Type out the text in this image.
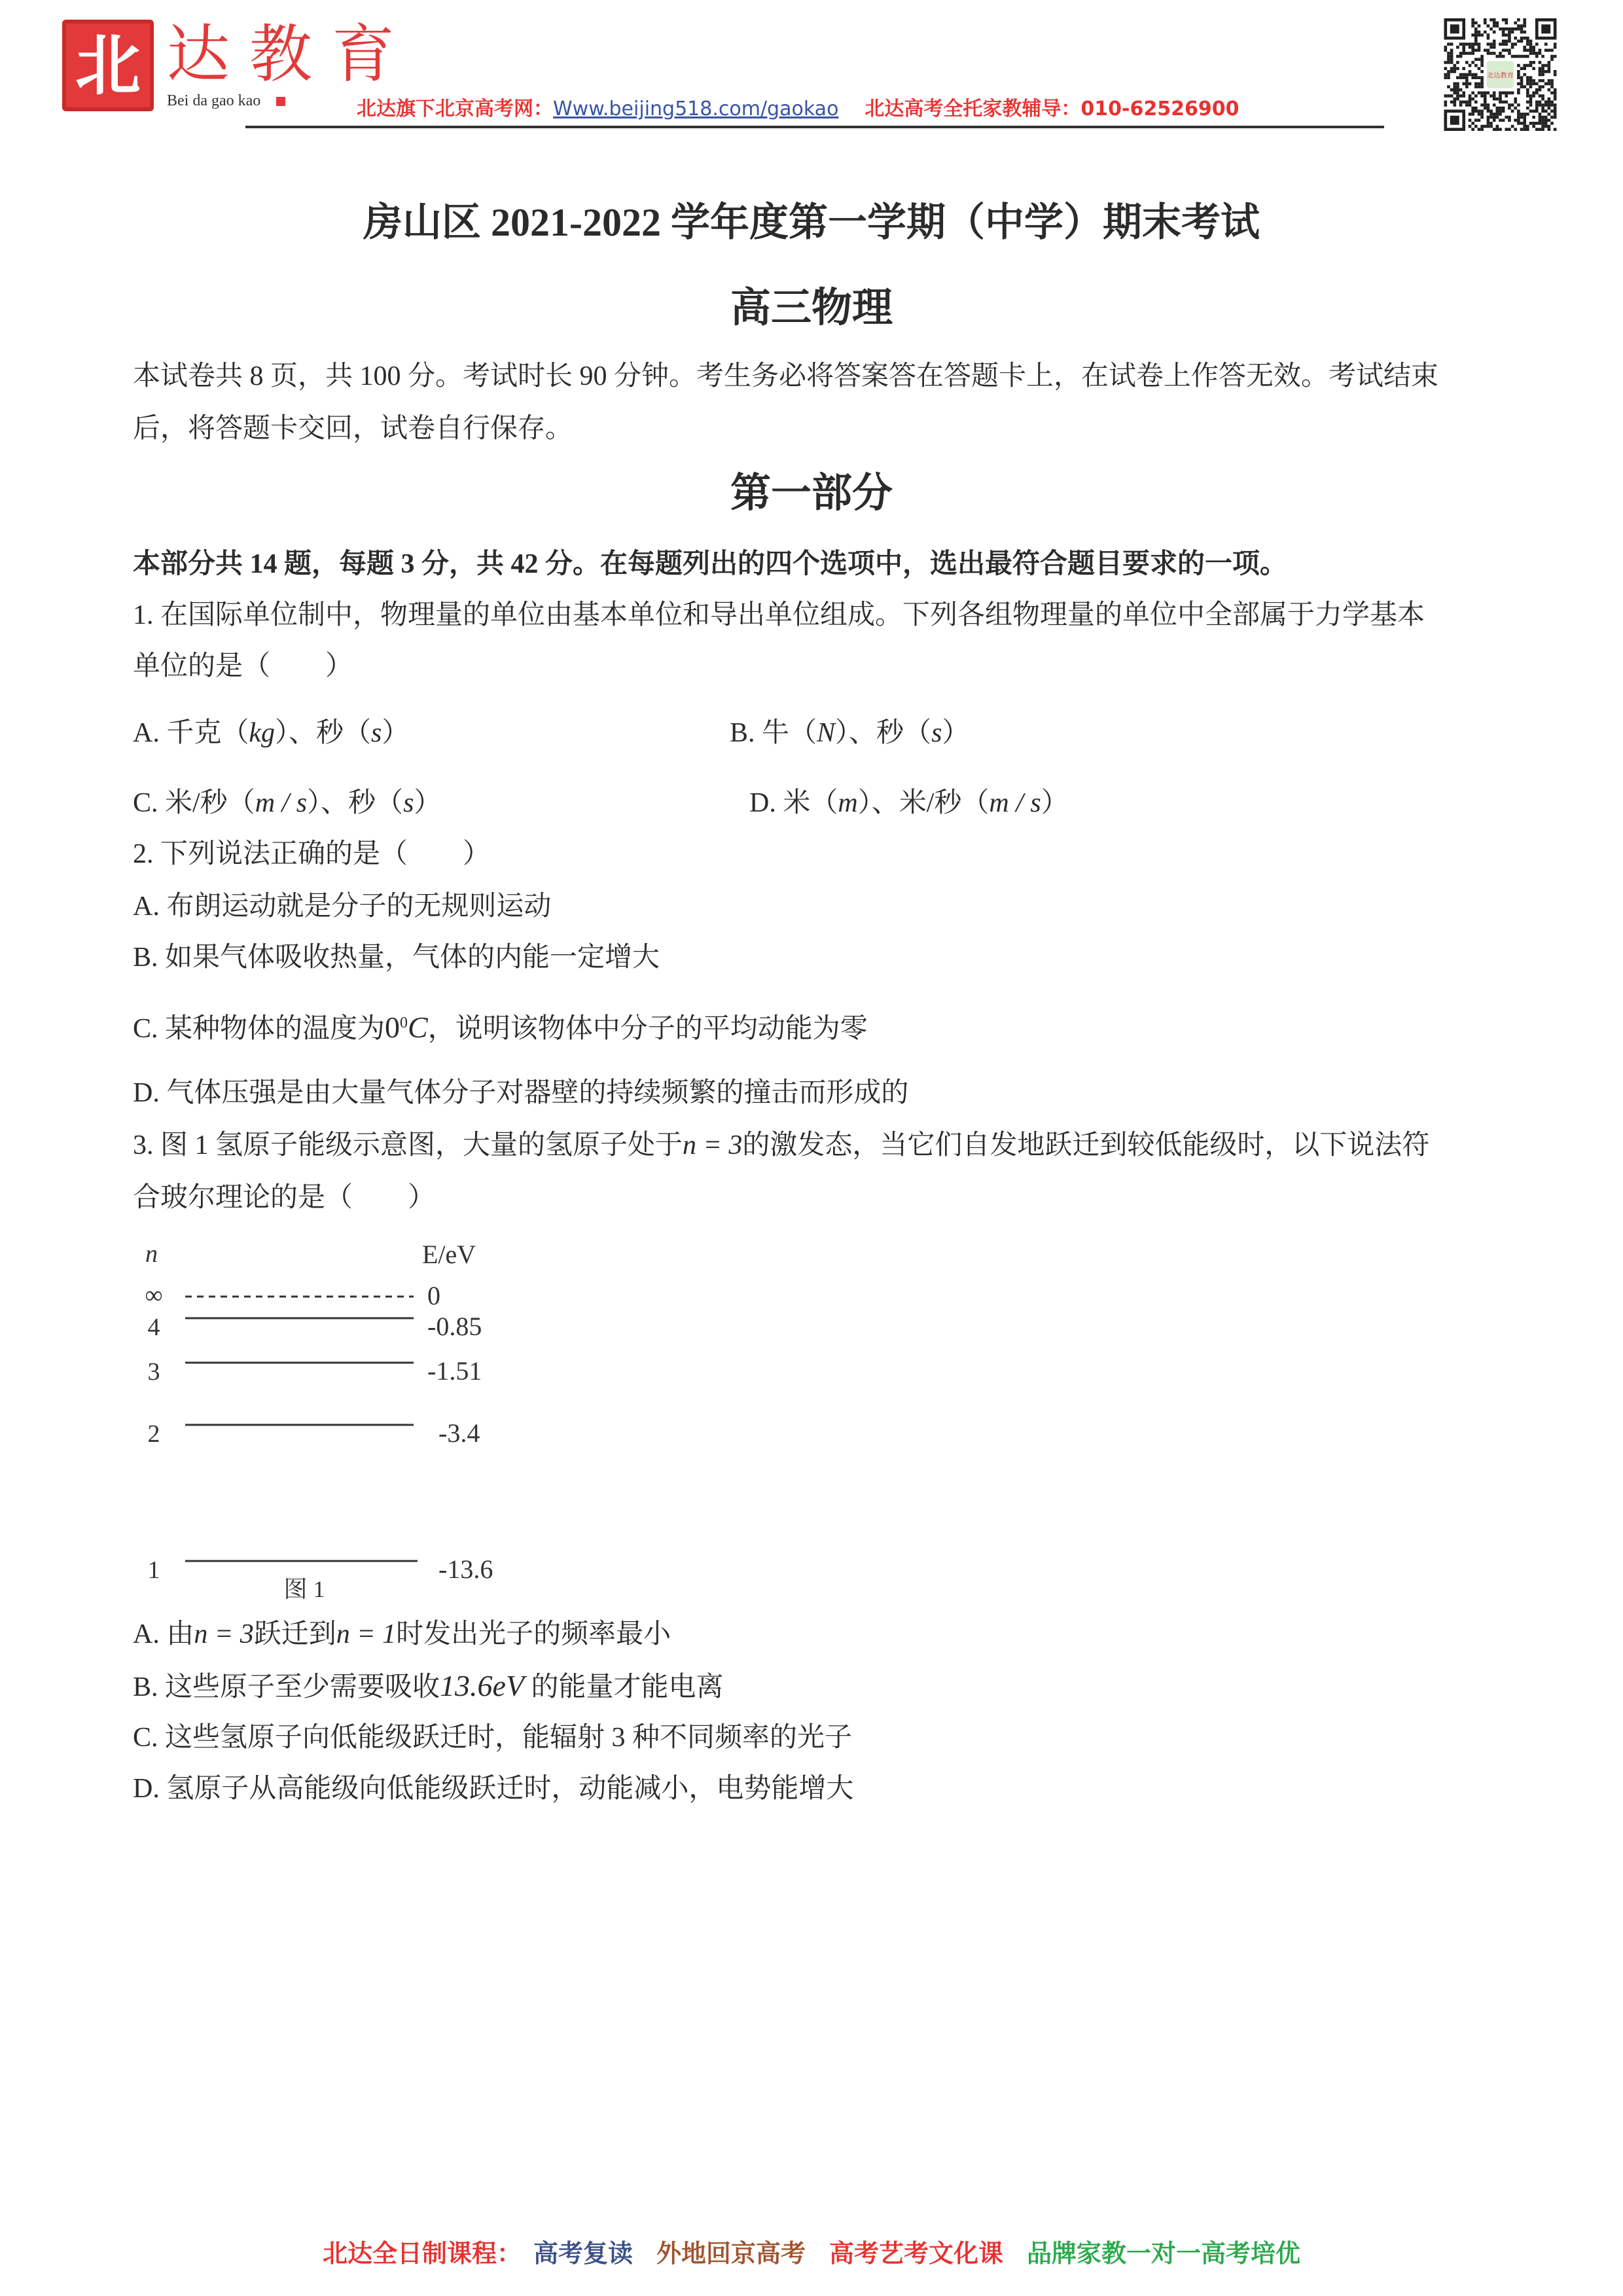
北 达教育
Bei da gao kao	北达旗下北京高考网：Www.beijing518.com/gaokao 北达高考全托家教辅导：010-62526900
北达教育
房山区 2021-2022 学年度第一学期（中学）期末考试
高三物理
本试卷共 8 页，共 100 分。考试时长 90 分钟。考生务必将答案答在答题卡上，在试卷上作答无效。考试结束
后，将答题卡交回，试卷自行保存。
第一部分
本部分共 14 题，每题 3 分，共 42 分。在每题列出的四个选项中，选出最符合题目要求的一项。
1. 在国际单位制中，物理量的单位由基本单位和导出单位组成。下列各组物理量的单位中全部属于力学基本
单位的是（　　）
A. 千克（kg）、秒（s）	B. 牛（N）、秒（s）
C. 米/秒（m / s）、秒（s）	D. 米（m）、米/秒（m / s）
2. 下列说法正确的是（　　）
A. 布朗运动就是分子的无规则运动
B. 如果气体吸收热量，气体的内能一定增大
C. 某种物体的温度为$0^0C$，说明该物体中分子的平均动能为零
D. 气体压强是由大量气体分子对器壁的持续频繁的撞击而形成的
3. 图 1 氢原子能级示意图，大量的氢原子处于n = 3的激发态，当它们自发地跃迁到较低能级时，以下说法符
合玻尔理论的是（　　）
n	E/eV
∞	0
4	-0.85
3	-1.51
2	-3.4
1	-13.6
图 1
A. 由n = 3跃迁到n = 1时发出光子的频率最小
B. 这些原子至少需要吸收13.6eV 的能量才能电离
C. 这些氢原子向低能级跃迁时，能辐射 3 种不同频率的光子
D. 氢原子从高能级向低能级跃迁时，动能减小，电势能增大
北达全日制课程： 高考复读 外地回京高考 高考艺考文化课 品牌家教一对一高考培优
